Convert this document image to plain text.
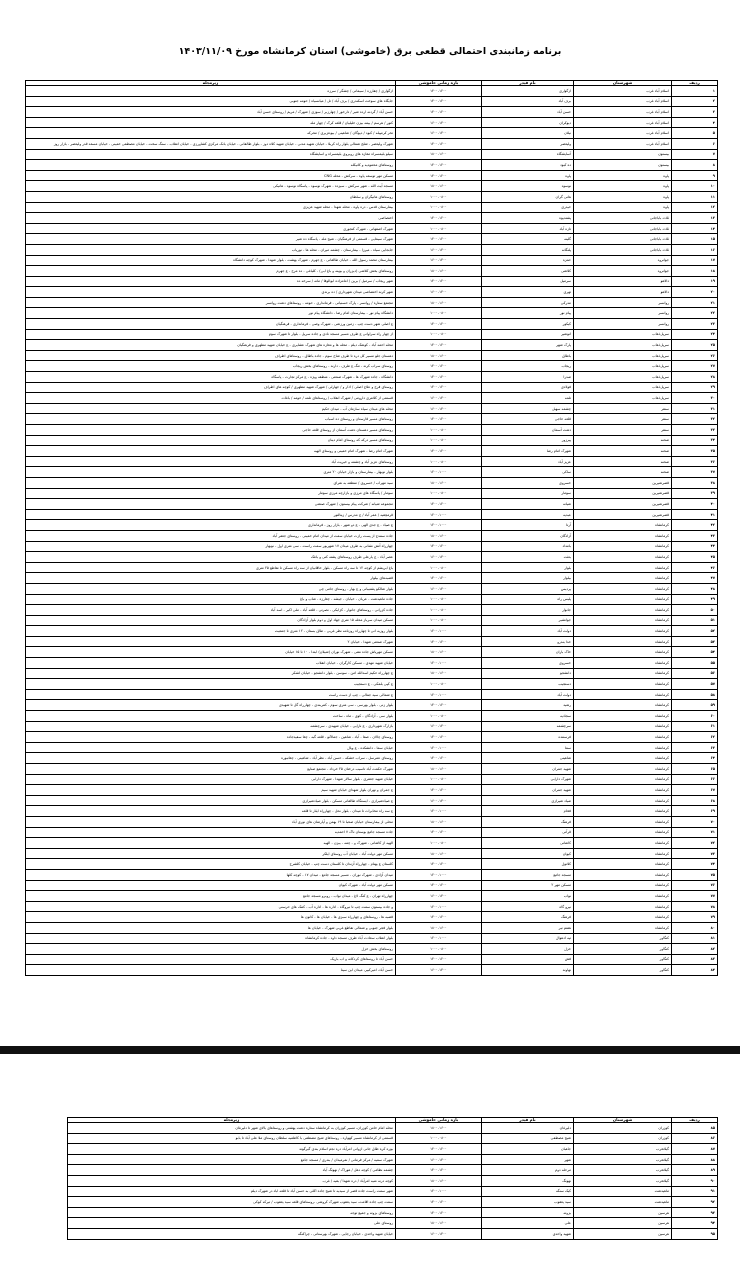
برنامه زمانبندی احتمالی قطعی برق (خاموشی) استان کرمانشاه مورخ ۱۴۰۳/۱۱/۰۹
ردیف	شهرستان	نام فیدر	بازه زمانی خاموشی	زیرمجله
۱	اسلام آباد غرب	ازگواری	۱۴۰۰-۱۲۰۰	ازگواری / چقارزه / سیمانی / چشگر / سرزه
۲	اسلام آباد غرب	برف آباد	۱۴۰۰-۱۲۰۰	جایگاه های سوخت اسکندری / برف آباد / تل / میانسیاه / حومه جنوبی
۳	اسلام آباد غرب	حسن آباد	۱۴۰۰-۱۲۰۰	حسن آباد / گردنه ارده شیر / دارخور / چهارزبر / سوزی / شهرک / مریم / روستای حسن آباد
۴	اسلام آباد غرب	دیوکران	۱۶۰۰-۱۴۰۰	کنور / هرسم / بیمه بیزن خلیلیان / قلعه کرک / چهار مله
۵	اسلام آباد غرب	نیلان	۱۶۰۰-۱۴۰۰	تخر کرمپیله / کبود / دیوگان / شاهینی / بیوعزیری / محرکه
۶	اسلام آباد غرب	ولیعصر	۱۴۰۰-۱۲۰۰	شهرک ولیعصر - شلخ شمالی بلوار راه کربلا - خیابان شهید مدنی - خیابان شهید کلاه دوز - بلوار طالقانی - خیابان بانک مرکزی کشاورزی - خیابان انقلاب - سنگ سخت - خیابان مصطفی خمینی - خیابان مسعد قدر ولیعصر - بازار روز
۷	بیستون	آسایشگاه	۱۸۰۰-۱۶۰۰	سیلو بلیمسراه مغازه های روبروی بلیمسراه و اسایشگاه
۸	بیستون	ده کبود	۱۴۰۰-۱۲۰۰	روستاهای محمودیه و کانیکله
۹	پاوه	پاوه	۱۴۰۰-۱۲۰۰	مسکن مهر توسعه پاوه - سرکش - محله CNG
۱۰	پاوه	نوسود	۱۸۰۰-۱۶۰۰	مسجد آیت الله - شهر سرکش - سیزده - شهرک نوسود - پاسگاه نوسود - هانیکی
۱۱	پاوه	هانی گران	۱۰۰۰-۰۸۰۰	روستاهای هانیگران و سلطان
۱۲	پاوه	حیدری	۱۰۰۰-۰۸۰۰	بیمارستان قدس - دره پاوه - محله شهدا - محله شهید عزیزی
۱۳	ثلاث باباجانی	پشتدیوه	۱۴۰۰-۱۲۰۰	اختصاصی
۱۴	ثلاث باباجانی	تازه آباد	۱۰۰۰-۰۸۰۰	شهرک اصفهانی - شهرک کنجوری
۱۵	ثلاث باباجانی	گلینه	۱۴۰۰-۱۲۰۰	شهرک سیمایی - قسمتی از فرهنگیان - شیخ مله - پاسگاه ده شیر
۱۶	ثلاث باباجانی	پلنگانه	۱۶۰۰-۱۴۰۰	جابجایی سیاه - میرزا - بیمارستان - چشمه میران - محله ها - نوریاب
۱۷	جوانرود	حمزه	۱۶۰۰-۱۴۰۰	بیمارستان محمد رسول الله - خیابان طالقانی - ع جهرم - شهرک بهشت - بلوار شهدا - شهرک کوچه دانشگاه
۱۸	جوانرود	کلاشی	۱۸۰۰-۱۶۰۰	روستاهای بخش کلاشی (دیزران و بوینه و باغ ابی) - کلیاغی - ده مرخ - ع جهرم
۱۹	دالاهو	سرمیل	۱۴۰۰-۱۲۰۰	شهر ریجاب / سرمیل / برین / امامزاده ابوالوفا / مانه / سرخه ده
۲۰	دالاهو	تهری	۱۶۰۰-۱۴۰۰	شهر کرند اختصاصی میدان شهرداری / ده برندی
۲۱	روانسر	مدرکی	۱۸۰۰-۱۶۰۰	مجتمع ستاره / روانسر - پارک حسنیانی - فرمانداری - حومه - روستاهای دشت روانسر
۲۲	روانسر	پیام نور	۱۰۰۰-۰۸۰۰	دانشگاه پیام نور - بیمارستان امام رضا - دانشگاه پیام نور
۲۳	روانسر	کیکور	۱۴۰۰-۱۲۰۰	ع اصلی شهر دست چپ - زمین ورزشی - شهرک وصی - فرمانداری - فرهنگیان
۲۴	سرپل‌ذهاب	انوشیر	۱۰۰۰-۰۸۰۰	از چهار راه سراوانی ع طرف مسیر مسجد نادی و جاده سرپل - بلوار تا شهرک سوم
۲۵	سرپل‌ذهاب	پارک شهر	۱۴۰۰-۱۲۰۰	محله احمد آباد - کوشک دیلم - محله ها و مغازه های شهرک عشایری - ع خیابان شهید مطهری و فرهنگیان
۲۶	سرپل‌ذهاب	باطاق	۱۸۰۰-۱۶۰۰	دهستان جلو مسیر کل دره تا طرف شاخ سوم - جاده باطاق - روستاهای اطراف
۲۷	سرپل‌ذهاب	ریجاب	۱۴۰۰-۱۲۰۰	روستای سراب کرند - تنگ ع طرف - دارند - روستاهای بخش ریجاب
۲۸	سرپل‌ذهاب	صدرا	۱۴۰۰-۱۲۰۰	دانشگاه - جاده شهرک ها - شهرک صنعتی - منطقه ویژه - ع مرکز تجارت - پاسگاه
۲۹	سرپل‌ذهاب	فولادی	۱۴۰۰-۱۲۰۰	روستای فرخ و علاج اصلی / اذار و / جهارلی / شهرک شهید مطهری / کوچه های اطراف
۳۰	سرپل‌ذهاب	تلمه	۱۶۰۰-۱۴۰۰	قسمتی از کلانتری دارومی / شهرک انقلاب / روستاهای تلمه / حومه / باغات
۳۱	سنقر	چشمه سهیل	۱۶۰۰-۱۴۰۰	محله های میدان سپاه سازمان آب - میدان حکیم
۳۲	سنقر	قلعه حاجی	۱۴۰۰-۱۲۰۰	روستاهای مسیر قارستان و روستای ده اسباب
۳۳	سنقر	دشت آسمان	۱۰۰۰-۰۸۰۰	روستاهای مسیر دهستان دشت آسمان از روستای قلعه حاجی
۳۴	صحنه	پیرزور	۱۰۰۰-۰۸۰۰	روستاهای مسیر درکه که روستای امام دینان
۳۵	صحنه	شهرک امام رضا	۱۴۰۰-۱۲۰۰	شهرک امام رضا - شهرک امام خمینی و روستای الهیه
۳۶	صحنه	عزیز آباد	۱۰۰۰-۰۸۰۰	روستاهای عزیز آباد و چشمه و خیریت آباد
۳۷	صحنه	ساکی	۱۲۰۰-۱۰۰۰	بلوار نوبهار - بیمارستان و بازار خیابان ۲۰ متری
۳۸	قصرشیرین	خسروی	۱۸۰۰-۱۶۰۰	سید مهراب / خسروی / منطقه به نفرای
۳۹	قصرشیرین	سومار	۱۰۰۰-۰۸۰۰	سومار / پاسگاه های مرزی و بازارچه مرزی سومار
۴۰	قصرشیرین	شیانه	۱۴۰۰-۱۲۰۰	مجموعه شیانه / شرکت پیام بیستون / شهرک صنعتی
۴۱	قصرشیرین	عبدیه	۱۲۰۰-۱۰۰۰	قرمچقیه / عمر آباد / چ مدرس / زیتالنور
۴۲	کرمانشاه	آرتا	۱۲۰۰-۱۰۰۰	ع صیاد - ع جدی الهی - ع دو شهر - بازار روز - فرمانداری
۴۳	کرمانشاه	آزادگان	۱۸۰۰-۱۶۰۰	جاده سنندج از پست رازت خیابان سمت از میدان امام خمینی - روستای جعفر آباد
۴۴	کرمانشاه	بامداد	۱۴۰۰-۱۲۰۰	چهارراه آتش نشانی به طرف میدان ۱۷ شهریور سمت راست - سی متری اول - نوبهار
۴۵	کرمانشاه	بعثت	۱۶۰۰-۱۴۰۰	عصر آباد - چ یارعلی طرف روستاهای پشته کنی و باغک
۴۶	کرمانشاه	بلوار	۱۰۰۰-۰۸۰۰	باغ ابریشم از کوچه ۱۲ تا سه راه مسکن - بلوار خاقانیان از سه راه مسکن تا تقاطع ۲۵ متری
۴۷	کرمانشاه	بیلوار	۱۴۰۰-۱۲۰۰	قصبه‌های بیلوار
۴۸	کرمانشاه	پردیس	۱۶۰۰-۱۴۰۰	بلوار شالکو پشتیبانی و ع بهار - روستای جامی چی
۴۹	کرمانشاه	پلیس راه	۱۰۰۰-۰۸۰۰	جاده ماهیدشت - عربان - خیابان - جیشه - چغارزه - شاپ و باغ
۵۰	کرمانشاه	جانوار	۱۰۰۰-۰۸۰۰	جاده کزرانی - روستاهای جانوار - کژابکی - نصرتی - قلعه آباد - ملی اکبر - اسد آباد
۵۱	کرمانشاه	جوانشیر	۱۰۰۰-۰۸۰۰	مسکن میدان سرباز محله ۱۵ متری جهاد اول و دوم بلوار آزادگان
۵۲	کرمانشاه	دولت آباد	۱۲۰۰-۱۰۰۰	بلوار روزبه انی تا چهارراه روزنامه نظر غربی - طاق بستان - ۱۲ متری تا جمعیت
۵۳	کرمانشاه	خدا بندرو	۱۴۰۰-۱۲۰۰	شهرک صنعتی شهدا - خیابان ۲
۵۴	کرمانشاه	خاک باران	۱۸۰۰-۱۶۰۰	مسکن مهریاش جاده نفتی - شهرک نوران (شیلان) ابتدا - ۱۰ تا ۱۵ خیابان
۵۵	کرمانشاه	خسروی	۱۲۰۰-۱۰۰۰	خیابان شهید مهدی - مسکن کارگران - خیابان انقلاب
۵۶	کرمانشاه	دانشجو	۱۸۰۰-۱۶۰۰	ع چهارراه حکیم اسدالله امن - سوسن - بلوار دانشجو - خیابان لشکر
۵۷	کرمانشاه	دستجیب	۱۰۰۰-۰۸۰۰	ع کپی بلمکی - ع دستجیب
۵۸	کرمانشاه	دولت آباد	۱۲۰۰-۱۰۰۰	ع شمالی سید جمالی - چپ از دست راست
۵۹	کرمانشاه	رشید	۱۴۰۰-۱۲۰۰	بلوار زنی - بلوار بهرسی - سی متری سوم - کمربندی - چهارراه گل تا شهیدی
۶۰	کرمانشاه	سجادیه	۱۰۰۰-۰۸۰۰	بلوار سی - آزادگان - کوی - ماه - ساخت
۶۱	کرمانشاه	سرچشمه	۱۶۰۰-۱۴۰۰	بازارک شهرداری - ع نارایی - خیابان شهیدی - سرچشمه
۶۲	کرمانشاه	فرستنده	۱۴۰۰-۱۲۰۰	روستای چالان - صفا - آباد - شاهین - جمالآنو - قلعه گبه - چغا سفیدجاده
۶۳	کرمانشاه	سما	۱۲۰۰-۱۰۰۰	خیابان سما - دانشکده - ع ویال
۶۴	کرمانشاه	شاهینی	۱۴۰۰-۱۲۰۰	روستای عمرسل - سراب خشکه - حسن آباد - نظر آباد - شاهینی - چغاتبوره
۶۵	کرمانشاه	شهید جمران	۱۸۰۰-۱۶۰۰	شهرک حکمت آباد تاسیب درختان ۲۵ خرداد - مجتمع صنایع
۶۶	کرمانشاه	شهرک دارابی	۱۰۰۰-۰۸۰۰	خیابان شهید جعفری - بلوار سالار شهدا - شهرک دارابی
۶۷	کرمانشاه	شهید جمران	۱۴۰۰-۱۲۰۰	ع جمران و نهران بلوار شهدای خیابان شهید سیم
۶۸	کرمانشاه	صیاد شیرازی	۱۶۰۰-۱۴۰۰	ع صیادشیرازی - ایستگاه طالقانی مسکن - بلوار صیادشیرازی
۶۹	کرمانشاه	فخام	۱۲۰۰-۱۰۰۰	ع سه راه مخابرات تا میدان - بلوار نحل - چهارراه ایثار تا قلعه
۷۰	کرمانشاه	فرهنگ	۱۸۰۰-۱۶۰۰	محلی از بیمارستان خیابان صحبا تا ۱۹ بهمن و آپارتمان های نوری آباد
۷۱	کرمانشاه	قرآنی	۱۴۰۰-۱۲۰۰	جاده مسجد جامع بوستان ناک ۷ احمدیه
۷۲	کرمانشاه	کاشانی	۱۰۰۰-۰۸۰۰	الهیه از کاشانی - شهرک و - چمه - بیزن - الهیه
۷۳	کرمانشاه	کیوان	۱۸۰۰-۱۶۰۰	مسکن مهر دولت آباد - خیابان آب روستای ایلکر
۷۴	کرمانشاه	کلانول	۱۴۰۰-۱۲۰۰	کلستان ع بهنام - چهارراه آزندان تا کلستان دست چپ - خیابان کلشرخ
۷۵	کرمانشاه	مسجد جامع	۱۲۰۰-۱۰۰۰	میدان آزادی - شهرک نوران - مسیر مسجد جامع - میدان ۱۷ - کوچه کلها
۷۶	کرمانشاه	مسکن مهر ۲	۱۴۰۰-۱۲۰۰	مسکن مهر دولت آباد - شهرک کیوان
۷۷	کرمانشاه	نواب	۱۶۰۰-۱۴۰۰	چهارراه تهران - ع کنگ لاغ - میدان نواب - روبرو مسجد جامع
۷۸	کرمانشاه	نیرو گاه	۱۲۰۰-۱۰۰۰	و جاده بیستون سمت چپ تا نیروگاه - اداره ها - اداره آب - کمک های حرسنی
۷۹	کرمانشاه	فرهنگ	۱۴۰۰-۱۲۰۰	قصبه ها ، روستاهای و چهارراه سبزی ها - خیابان ها - کانون ها
۸۰	کرمانشاه	هفتم تیر	۱۸۰۰-۱۶۰۰	بلوار فجر جنوبی و شمالی تقاطع غربی شهرک - خیابان ها
۸۱	کنگاور	تپه ادهوال	۱۲۰۰-۱۰۰۰	بلوار انقلاب سعادت آباد طرف مسجد داود - جاده کرمانشاه
۸۲	کنگاور	خزل	۱۰۰۰-۰۸۰۰	روستاهای بخش خزل
۸۳	کنگاور	فش	۱۴۰۰-۱۲۰۰	حسن آباد تا روستاهای کردکانه و اب باریک
۸۴	کنگاور	نهاوند	۱۶۰۰-۱۴۰۰	حسن آباد، امیرکبیر، میدان ابن سینا
ردیف	شهرستان	نام فیدر	بازه زمانی خاموشی	زیرمجله
۸۵	کوزران	دلیرغان	۱۸۰۰-۱۶۰۰	محله امام خامن کوزران، مسیر کوزران به کرمانشاه ستاره دشت بهشتی و روستاهای بالای شهر تا دلیرغان
۸۶	کوزران	شیخ مصطفی	۱۰۰۰-۰۸۰۰	قسمتی از کرمانشاه مسیر کهواره ، روستاهای شیخ مصطفی با کاظمیه سلطان روستای ملا علی آباد تا بابو
۸۷	گیلانغرب	جاهبان	۱۴۰۰-۱۲۰۰	بوره کره طاق جانی ازوانی امرآباد دره نجم اسلام بندی گیرگوند
۸۸	گیلانغرب	شهر	۱۶۰۰-۱۴۰۰	شهرک سمیه / مرکز فرمانی / نمرمیدان / بندری / مسجد جامع
۸۹	گیلانغرب	مرحله دوم	۱۴۰۰-۱۲۰۰	چشمه نظامی / کوچه دهل / هوراک / نهونگ آیاد
۹۰	گیلانغرب	نهونگ	۱۸۰۰-۱۶۰۰	کوچه درنه منیه امرآباد / دره شهدا / بقیه / غرب
۹۱	ماهیدشت	کیک سنگه	۱۲۰۰-۱۰۰۰	شهر سمت راست جاده قصر از سیدیه تا شیخ جاده اکلی به حسن آباد تا قلعه اباد در شهرک دیلم
۹۲	ماهیدشت	سید یعقوب	۱۴۰۰-۱۲۰۰	سمت چپ جاده اقامت، سید یعقوب شهرک کروشی ،روستاهای قلعه سید یعقوب / تیرکه کوکی
۹۳	هرسین	بزوته	۱۴۰۰-۱۲۰۰	روستاهای بزوته و جمیع توجه
۹۴	هرسین	علی	۱۸۰۰-۱۶۰۰	روستای علی
۹۵	هرسین	شهید واحدی	۱۶۰۰-۱۴۰۰	خیابان شهید واحدی ، خیابان رجایی ، شهرک بهرستانی ، چراکنگه
